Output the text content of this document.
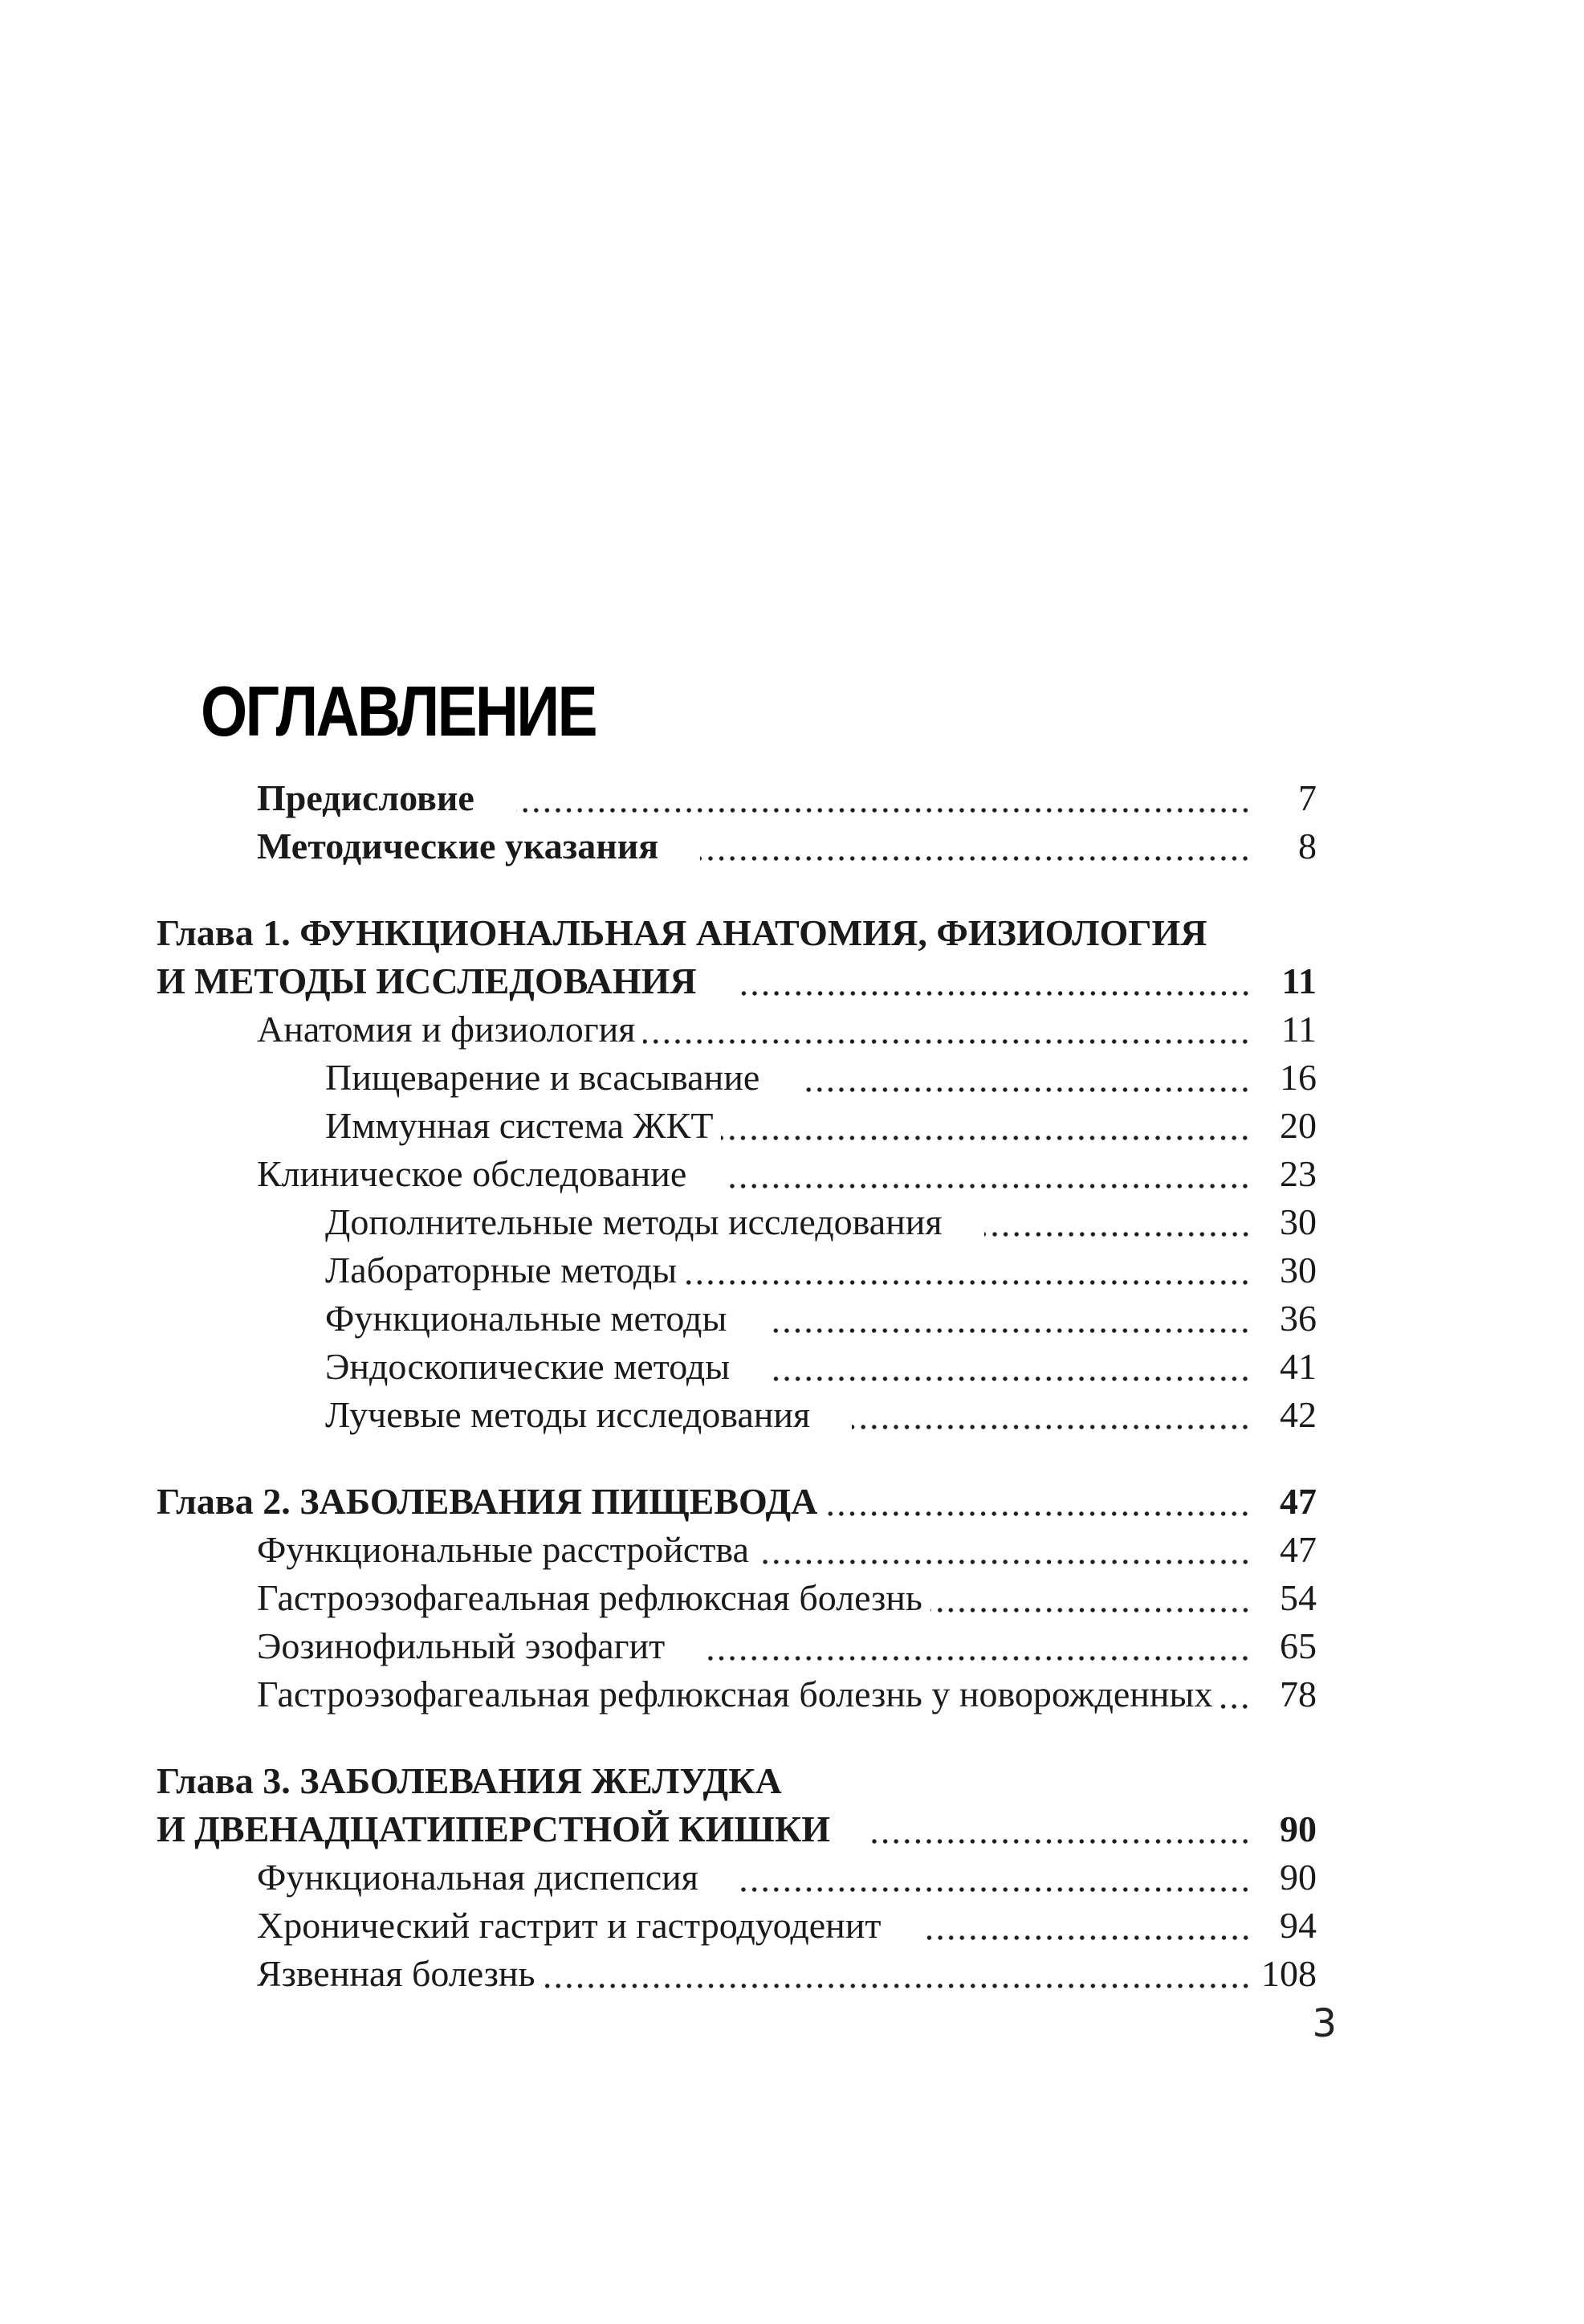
ОГЛАВЛЕНИЕ
Предисловие	7
Методические указания	8
Глава 1. ФУНКЦИОНАЛЬНАЯ АНАТОМИЯ, ФИЗИОЛОГИЯ
И МЕТОДЫ ИССЛЕДОВАНИЯ	11
Анатомия и физиология	11
Пищеварение и всасывание	16
Иммунная система ЖКТ	20
Клиническое обследование	23
Дополнительные методы исследования	30
Лабораторные методы	30
Функциональные методы	36
Эндоскопические методы	41
Лучевые методы исследования	42
Глава 2. ЗАБОЛЕВАНИЯ ПИЩЕВОДА	47
Функциональные расстройства	47
Гастроэзофагеальная рефлюксная болезнь	54
Эозинофильный эзофагит	65
Гастроэзофагеальная рефлюксная болезнь у новорожденных	78
Глава 3. ЗАБОЛЕВАНИЯ ЖЕЛУДКА
И ДВЕНАДЦАТИПЕРСТНОЙ КИШКИ	90
Функциональная диспепсия	90
Хронический гастрит и гастродуоденит	94
Язвенная болезнь	108
3
